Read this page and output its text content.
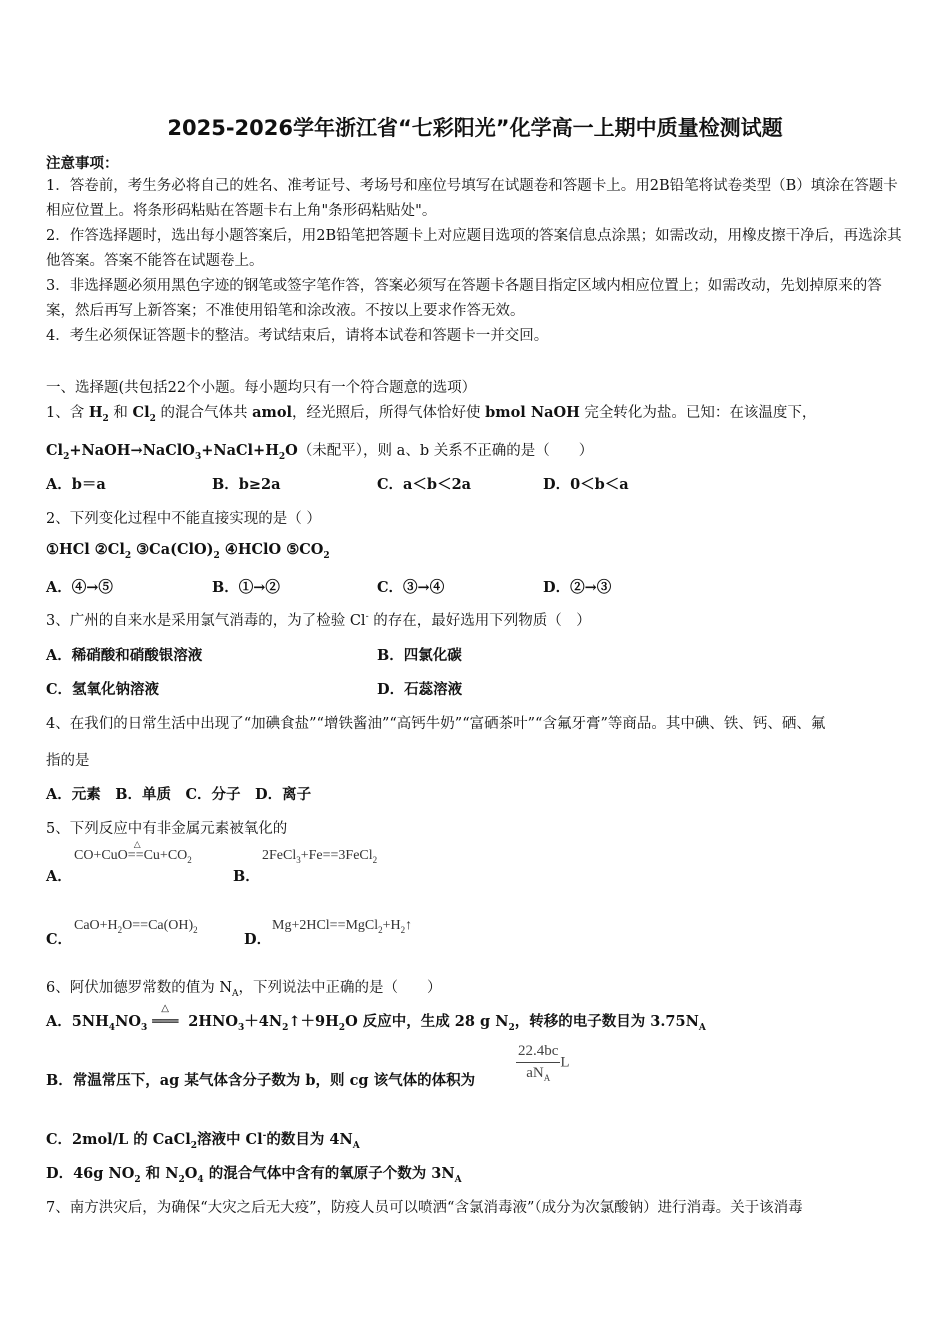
2025-2026学年浙江省“七彩阳光”化学高一上期中质量检测试题
注意事项：
1．答卷前，考生务必将自己的姓名、准考证号、考场号和座位号填写在试题卷和答题卡上。用2B铅笔将试卷类型（B）填涂在答题卡相应位置上。将条形码粘贴在答题卡右上角"条形码粘贴处"。
2．作答选择题时，选出每小题答案后，用2B铅笔把答题卡上对应题目选项的答案信息点涂黑；如需改动，用橡皮擦干净后，再选涂其他答案。答案不能答在试题卷上。
3．非选择题必须用黑色字迹的钢笔或签字笔作答，答案必须写在答题卡各题目指定区域内相应位置上；如需改动，先划掉原来的答案，然后再写上新答案；不准使用铅笔和涂改液。不按以上要求作答无效。
4．考生必须保证答题卡的整洁。考试结束后，请将本试卷和答题卡一并交回。
一、选择题(共包括22个小题。每小题均只有一个符合题意的选项）
1、含 $H_2$ 和 $Cl_2$ 的混合气体共 amol，经光照后，所得气体恰好使 bmol NaOH 完全转化为盐。已知：在该温度下，
$Cl_2+NaOH\to NaClO_3+NaCl+H_2O$（未配平），则 a、b 关系不正确的是（　　）
A．b＝a	B．b≥2a	C．a＜b＜2a	D．0＜b＜a
2、下列变化过程中不能直接实现的是（ ）
①HCl $②Cl_2$ $③Ca(ClO)_2$ ④HClO $⑤CO_2$
A．④→⑤	B．①→②	C．③→④	D．②→③
3、广州的自来水是采用氯气消毒的，为了检验 Cl- 的存在，最好选用下列物质（　）
A．稀硝酸和硝酸银溶液	B．四氯化碳
C．氢氧化钠溶液	D．石蕊溶液
4、在我们的日常生活中出现了“加碘食盐”“增铁酱油”“高钙牛奶”“富硒茶叶”“含氟牙膏”等商品。其中碘、铁、钙、硒、氟
指的是
A．元素　B．单质　C．分子　D．离子
5、下列反应中有非金属元素被氧化的
A．
CO+CuO==
△
$Cu+CO_2$
B．
2FeCl$_3$+Fe==3FeCl$_2$
C．
$CaO+H_2O==Ca(OH)_2$
D．
$Mg+2HCl==MgCl_2+H_2↑$
6、阿伏加德罗常数的值为 $N_A$，下列说法中正确的是（　　）
A．$5NH_4NO_3$ ═══
△
$2HNO_3+4N_2↑+9H_2O$ 反应中，生成 28 g $N_2$，转移的电子数目为 $3.75N_A$
B．常温常压下，ag 某气体含分子数为 b，则 cg 该气体的体积为	$\frac{22.4bc}{aN_A}$ L
C．2mol/L 的 CaCl$_2$溶液中 Cl-的数目为 $4N_A$
D．46g $NO_2$ 和 $N_2O_4$ 的混合气体中含有的氧原子个数为 $3N_A$
7、南方洪灾后，为确保“大灾之后无大疫”，防疫人员可以喷洒“含氯消毒液”（成分为次氯酸钠）进行消毒。关于该消毒
